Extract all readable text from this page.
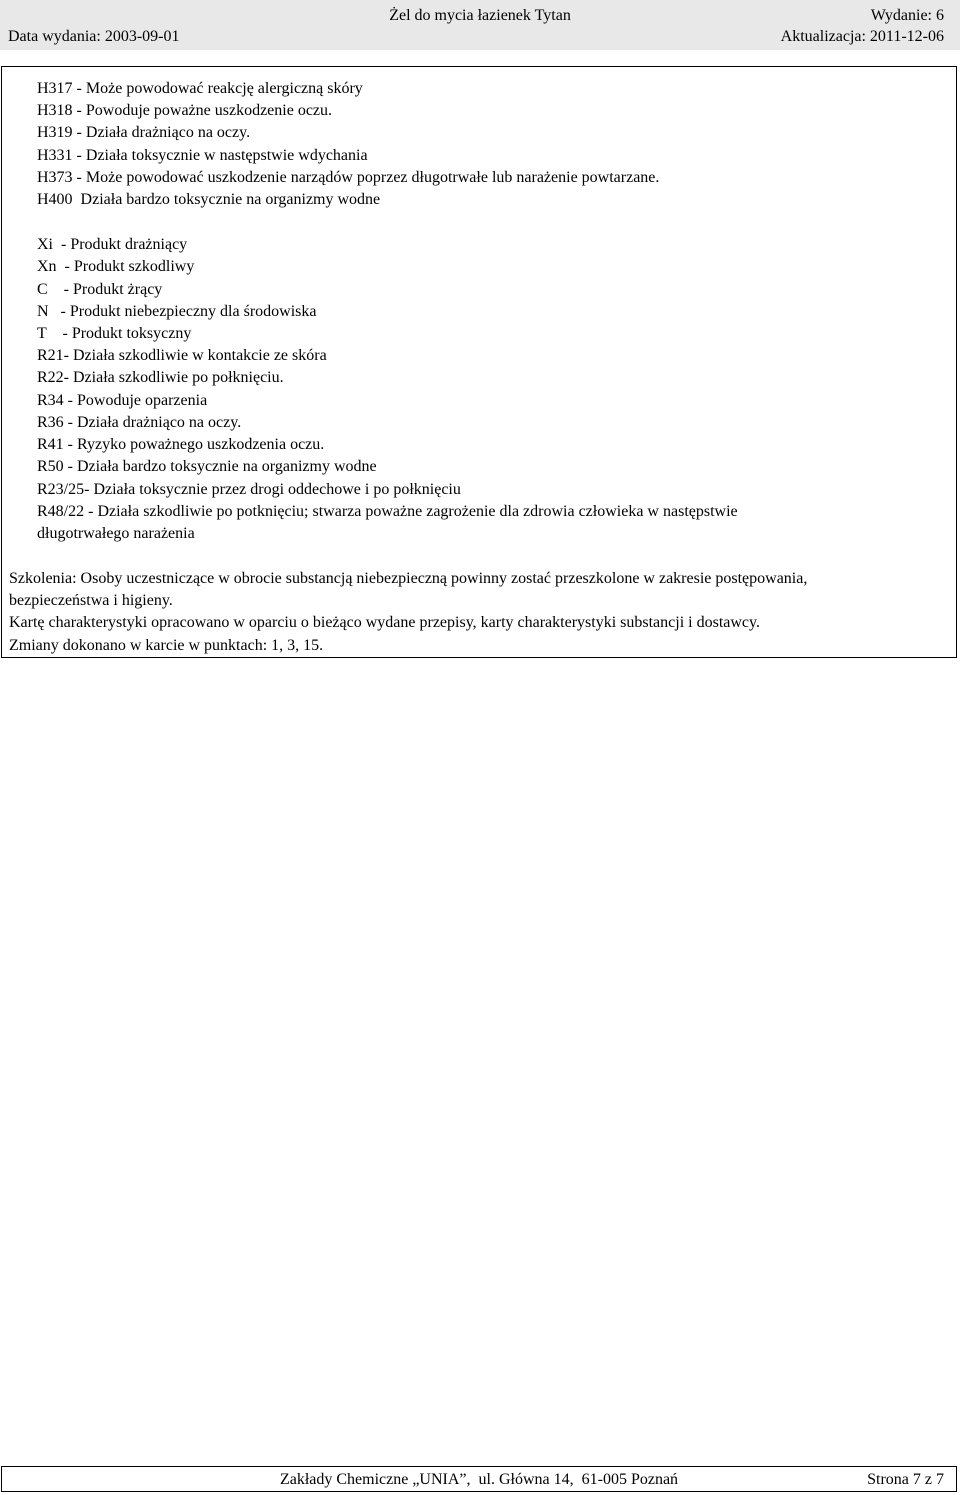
Żel do mycia łazienek Tytan	Wydanie: 6
Data wydania: 2003-09-01	Aktualizacja: 2011-12-06
H317 - Może powodować reakcję alergiczną skóry
H318 - Powoduje poważne uszkodzenie oczu.
H319 - Działa drażniąco na oczy.
H331 - Działa toksycznie w następstwie wdychania
H373 - Może powodować uszkodzenie narządów poprzez długotrwałe lub narażenie powtarzane.
H400  Działa bardzo toksycznie na organizmy wodne
Xi  - Produkt drażniący
Xn  - Produkt szkodliwy
C    - Produkt żrący
N   - Produkt niebezpieczny dla środowiska
T    - Produkt toksyczny
R21- Działa szkodliwie w kontakcie ze skóra
R22- Działa szkodliwie po połknięciu.
R34 - Powoduje oparzenia
R36 - Działa drażniąco na oczy.
R41 - Ryzyko poważnego uszkodzenia oczu.
R50 - Działa bardzo toksycznie na organizmy wodne
R23/25- Działa toksycznie przez drogi oddechowe i po połknięciu
R48/22 - Działa szkodliwie po potknięciu; stwarza poważne zagrożenie dla zdrowia człowieka w następstwie
długotrwałego narażenia
Szkolenia: Osoby uczestniczące w obrocie substancją niebezpieczną powinny zostać przeszkolone w zakresie postępowania,
bezpieczeństwa i higieny.
Kartę charakterystyki opracowano w oparciu o bieżąco wydane przepisy, karty charakterystyki substancji i dostawcy.
Zmiany dokonano w karcie w punktach: 1, 3, 15.
Zakłady Chemiczne „UNIA”,  ul. Główna 14,  61-005 Poznań	Strona 7 z 7
